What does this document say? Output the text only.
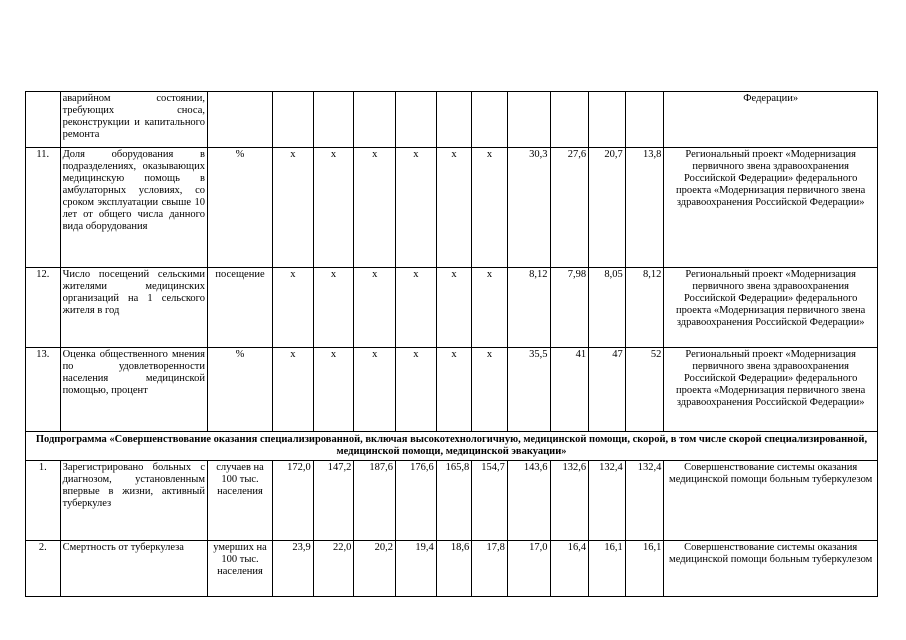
	аварийном состоянии, требующих сноса, реконструкции и капитального ремонта												Федерации»
11.	Доля оборудования в подразделениях, оказывающих медицинскую помощь в амбулаторных условиях, со сроком эксплуатации свыше 10 лет от общего числа данного вида оборудования	%	х	х	х	х	х	х	30,3	27,6	20,7	13,8	Региональный проект «Модернизация первичного звена здравоохранения Российской Федерации» федерального проекта «Модернизация первичного звена здравоохранения Российской Федерации»
12.	Число посещений сельскими жителями медицинских организаций на 1 сельского жителя в год	посещение	х	х	х	х	х	х	8,12	7,98	8,05	8,12	Региональный проект «Модернизация первичного звена здравоохранения Российской Федерации» федерального проекта «Модернизация первичного звена здравоохранения Российской Федерации»
13.	Оценка общественного мнения по удовлетворенности населения медицинской помощью, процент	%	х	х	х	х	х	х	35,5	41	47	52	Региональный проект «Модернизация первичного звена здравоохранения Российской Федерации» федерального проекта «Модернизация первичного звена здравоохранения Российской Федерации»
Подпрограмма «Совершенствование оказания специализированной, включая высокотехнологичную, медицинской помощи, скорой, в том числе скорой специализированной, медицинской помощи, медицинской эвакуации»													
1.	Зарегистрировано больных с диагнозом, установленным впервые в жизни, активный туберкулез	случаев на 100 тыс. населения	172,0	147,2	187,6	176,6	165,8	154,7	143,6	132,6	132,4	132,4	Совершенствование системы оказания медицинской помощи больным туберкулезом
2.	Смертность от туберкулеза	умерших на 100 тыс. населения	23,9	22,0	20,2	19,4	18,6	17,8	17,0	16,4	16,1	16,1	Совершенствование системы оказания медицинской помощи больным туберкулезом
